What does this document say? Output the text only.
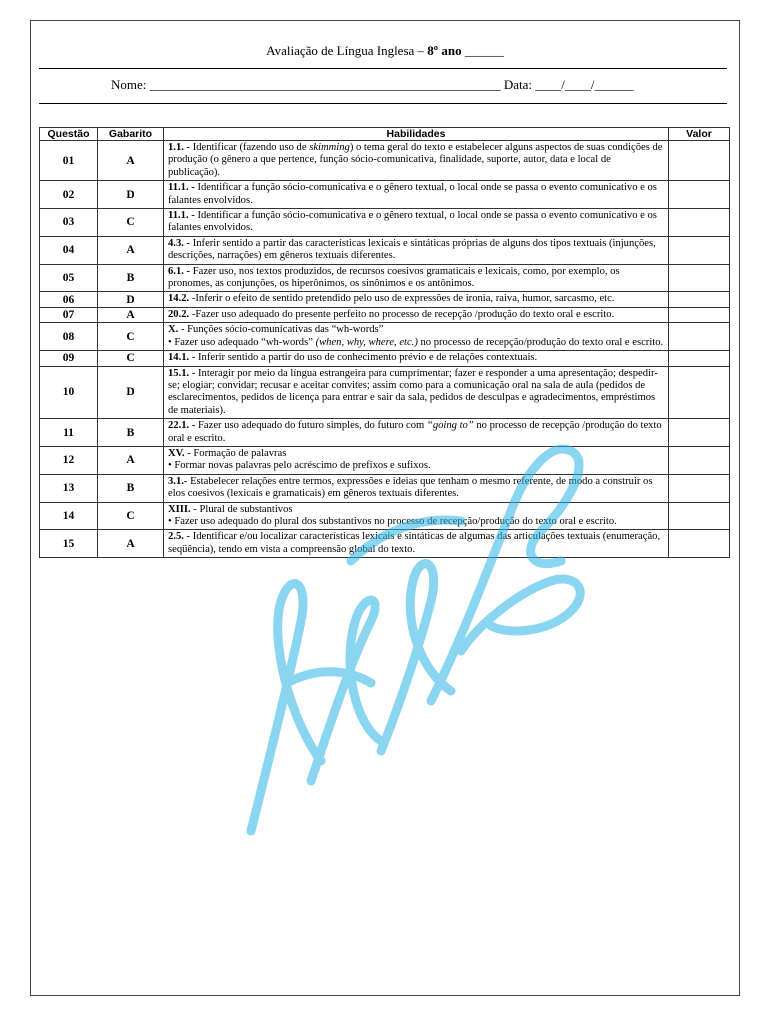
Avaliação de Língua Inglesa – 8º ano ______
Nome: ______________________________________________________ Data: ____/____/______
Questão	Gabarito	Habilidades	Valor
01	A	1.1. - Identificar (fazendo uso de skimming) o tema geral do texto e estabelecer alguns aspectos de suas condições de produção (o gênero a que pertence, função sócio-comunicativa, finalidade, suporte, autor, data e local de publicação).	
02	D	11.1. - Identificar a função sócio-comunicativa e o gênero textual, o local onde se passa o evento comunicativo e os falantes envolvidos.	
03	C	11.1. - Identificar a função sócio-comunicativa e o gênero textual, o local onde se passa o evento comunicativo e os falantes envolvidos.	
04	A	4.3. - Inferir sentido a partir das características lexicais e sintáticas próprias de alguns dos tipos textuais (injunções, descrições, narrações) em gêneros textuais diferentes.	
05	B	6.1. - Fazer uso, nos textos produzidos, de recursos coesivos gramaticais e lexicais, como, por exemplo, os pronomes, as conjunções, os hiperônimos, os sinônimos e os antônimos.	
06	D	14.2. -Inferir o efeito de sentido pretendido pelo uso de expressões de ironia, raiva, humor, sarcasmo, etc.	
07	A	20.2. -Fazer uso adequado do presente perfeito no processo de recepção /produção do texto oral e escrito.	
08	C	X. - Funções sócio-comunicativas das “wh-words”
• Fazer uso adequado “wh-words” (when, why, where, etc.) no processo de recepção/produção do texto oral e escrito.	
09	C	14.1. - Inferir sentido a partir do uso de conhecimento prévio e de relações contextuais.	
10	D	15.1. - Interagir por meio da língua estrangeira para cumprimentar; fazer e responder a uma apresentação; despedir-se; elogiar; convidar; recusar e aceitar convites; assim como para a comunicação oral na sala de aula (pedidos de esclarecimentos, pedidos de licença para entrar e sair da sala, pedidos de desculpas e agradecimentos, empréstimos de materiais).	
11	B	22.1. - Fazer uso adequado do futuro simples, do futuro com “going to” no processo de recepção /produção do texto oral e escrito.	
12	A	XV. - Formação de palavras
• Formar novas palavras pelo acréscimo de prefixos e sufixos.	
13	B	3.1.- Estabelecer relações entre termos, expressões e ideias que tenham o mesmo referente, de modo a construir os elos coesivos (lexicais e gramaticais) em gêneros textuais diferentes.	
14	C	XIII. - Plural de substantivos
• Fazer uso adequado do plural dos substantivos no processo de recepção/produção do texto oral e escrito.	
15	A	2.5. - Identificar e/ou localizar características lexicais e sintáticas de algumas das articulações textuais (enumeração, seqüência), tendo em vista a compreensão global do texto.	
